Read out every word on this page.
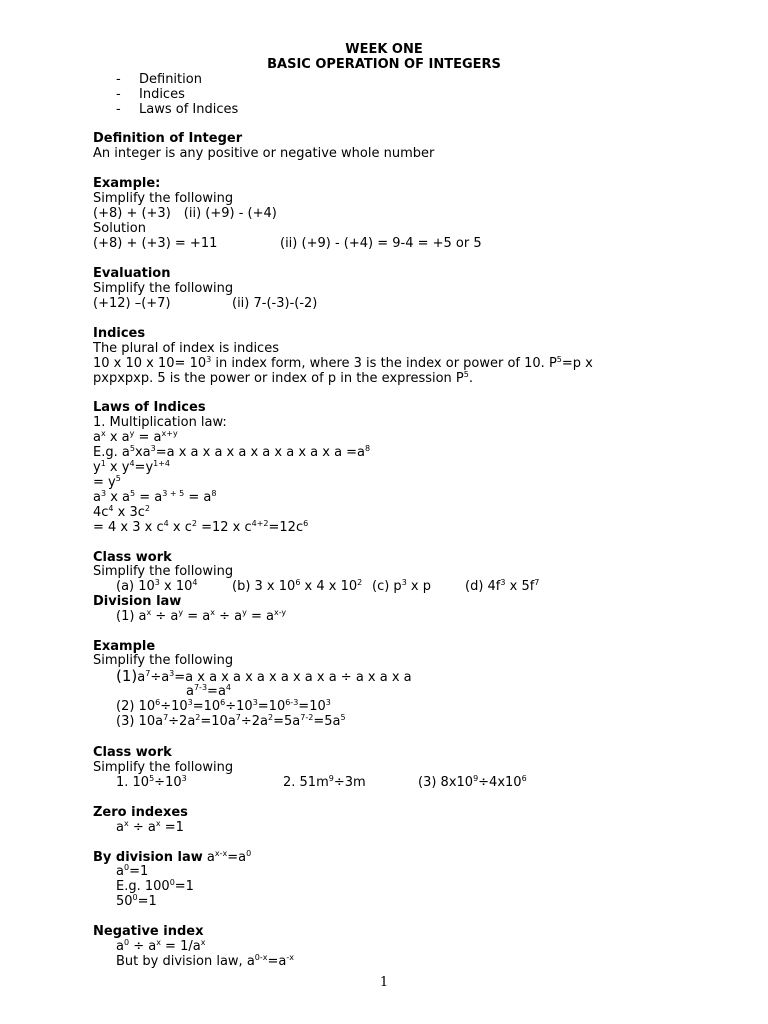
WEEK ONE
BASIC OPERATION OF INTEGERS
- Definition
- Indices
- Laws of Indices
Definition of Integer
An integer is any positive or negative whole number
Example:
Simplify the following
(+8) + (+3) (ii) (+9) - (+4)
Solution
(+8) + (+3) = +11	(ii) (+9) - (+4) = 9-4 = +5 or 5
Evaluation
Simplify the following
(+12) –(+7)	(ii) 7-(-3)-(-2)
Indices
The plural of index is indices
10 x 10 x $10= 10^3$ in index form, where 3 is the index or power of 10. $P^5=p$ x
pxpxpxp. 5 is the power or index of p in the expression $P^5$.
Laws of Indices
1. Multiplication law:
$a^x$ x $a^y = a^{x+y}$
E.g. $a^5xa^3=a$ x a x a x a x a x a x a x $a =a^8$
$y^1$ x $y^4=y^{1+4}$
= $y^5$
$a^3$ x $a^5 = a^{3 + 5} = a^8$
$4c^4$ x $3c^2$
= 4 x 3 x $c^4$ x $c^2 =12$ x $c^{4+2}=12c^6$
Class work
Simplify the following
(a) $10^3$ x $10^4$	(b) 3 x $10^6$ x 4 x $10^2$ (c) $p^3$ x p	(d) $4f^3$ x $5f^7$
Division law
(1) $a^x \div a^y = a^x \div a^y = a^{x-y}$
Example
Simplify the following
$(1)a^7\div a^3=a$ x a x a x a x a x a x a ÷ a x a x a
$a^{7-3}=a^4$
(2) $10^6\div 10^3=10^6\div 10^3=10^{6-3}=10^3$
(3) $10a^7\div 2a^2=10a^7\div 2a^2=5a^{7-2}=5a^5$
Class work
Simplify the following
1. $10^5\div 10^3$	2. $51m^9\div 3m$	(3) $8x10^9\div 4x10^6$
Zero indexes
$a^x \div a^x =1$
By division law $a^{x-x}=a^0$
$a^0=1$
E.g. $100^0=1$
$50^0=1$
Negative index
$a^0 \div a^x = 1/a^x$
But by division law, $a^{0-x}=a^{-x}$
1
